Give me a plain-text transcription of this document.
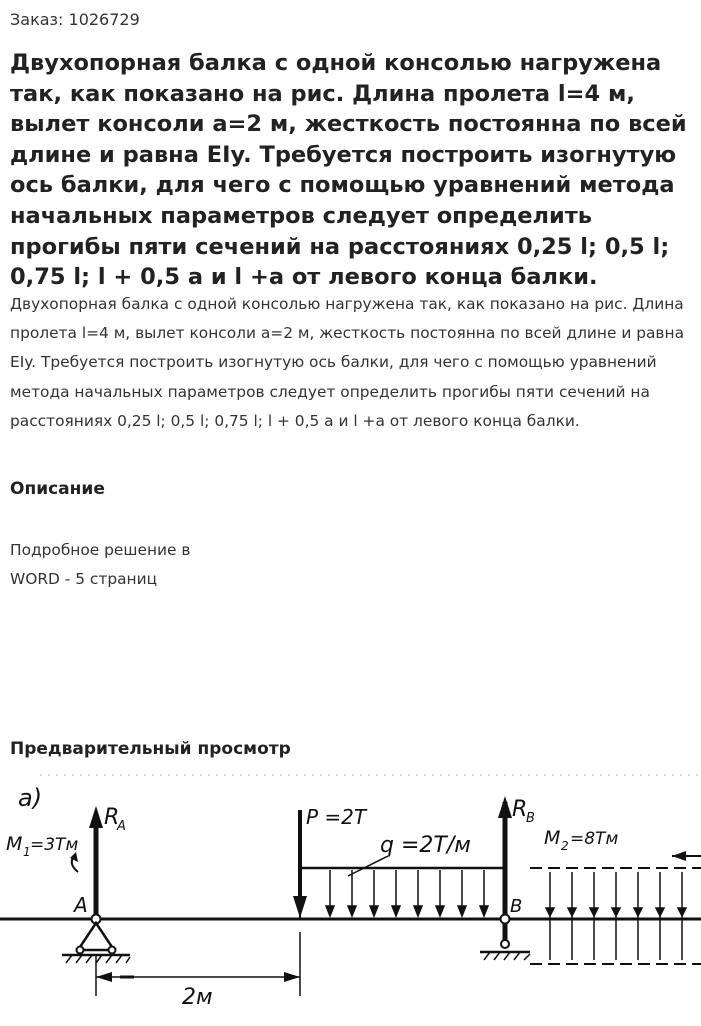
Заказ: 1026729
Двухопорная балка с одной консолью нагружена так, как показано на рис. Длина пролета l=4 м, вылет консоли a=2 м, жесткость постоянна по всей длине и равна EIy. Требуется построить изогнутую ось балки, для чего с помощью уравнений метода начальных параметров следует определить прогибы пяти сечений на расстояниях 0,25 l; 0,5 l; 0,75 l; l + 0,5 a и l +a от левого конца балки.

Двухопорная балка с одной консолью нагружена так, как показано на рис. Длина пролета l=4 м, вылет консоли a=2 м, жесткость постоянна по всей длине и равна EIy. Требуется построить изогнутую ось балки, для чего с помощью уравнений метода начальных параметров следует определить прогибы пяти сечений на расстояниях 0,25 l; 0,5 l; 0,75 l; l + 0,5 a и l +a от левого конца балки.

Описание
Подробное решение в
WORD - 5 страниц
Предварительный просмотр
а)
R
A
M 1 =3Tм
A
2м
P =2T
q =2Т/м
R
B
B
M 2 =8Tм
